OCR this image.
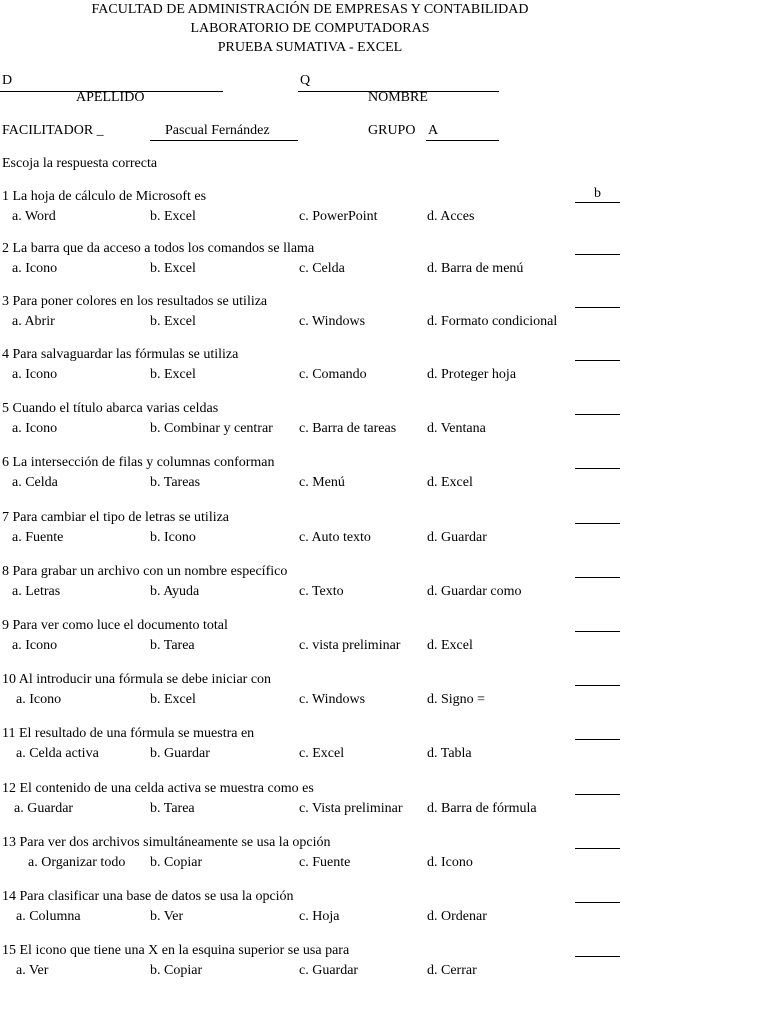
FACULTAD DE ADMINISTRACIÓN DE EMPRESAS Y CONTABILIDAD
LABORATORIO DE COMPUTADORAS
PRUEBA SUMATIVA - EXCEL
D
APELLIDO
Q
NOMBRE
FACILITADOR _	Pascual Fernández	GRUPO A
Escoja la respuesta correcta
1 La hoja de cálculo de Microsoft es
a. Word	b. Excel	c. PowerPoint	d. Acces
b
2 La barra que da acceso a todos los comandos se llama
a. Icono	b. Excel	c. Celda	d. Barra de menú
3 Para poner colores en los resultados se utiliza
a. Abrir	b. Excel	c. Windows	d. Formato condicional
4 Para salvaguardar las fórmulas se utiliza
a. Icono	b. Excel	c. Comando	d. Proteger hoja
5 Cuando el título abarca varias celdas
a. Icono	b. Combinar y centrar c. Barra de tareas d. Ventana
6 La intersección de filas y columnas conforman
a. Celda	b. Tareas	c. Menú	d. Excel
7 Para cambiar el tipo de letras se utiliza
a. Fuente	b. Icono	c. Auto texto	d. Guardar
8 Para grabar un archivo con un nombre específico
a. Letras	b. Ayuda	c. Texto	d. Guardar como
9 Para ver como luce el documento total
a. Icono	b. Tarea	c. vista preliminar d. Excel
10 Al introducir una fórmula se debe iniciar con
a. Icono	b. Excel	c. Windows	d. Signo =
11 El resultado de una fórmula se muestra en
a. Celda activa	b. Guardar	c. Excel	d. Tabla
12 El contenido de una celda activa se muestra como es
a. Guardar	b. Tarea	c. Vista preliminar d. Barra de fórmula
13 Para ver dos archivos simultáneamente se usa la opción
a. Organizar todo b. Copiar	c. Fuente	d. Icono
14 Para clasificar una base de datos se usa la opción
a. Columna	b. Ver	c. Hoja	d. Ordenar
15 El icono que tiene una X en la esquina superior se usa para
a. Ver	b. Copiar	c. Guardar	d. Cerrar
